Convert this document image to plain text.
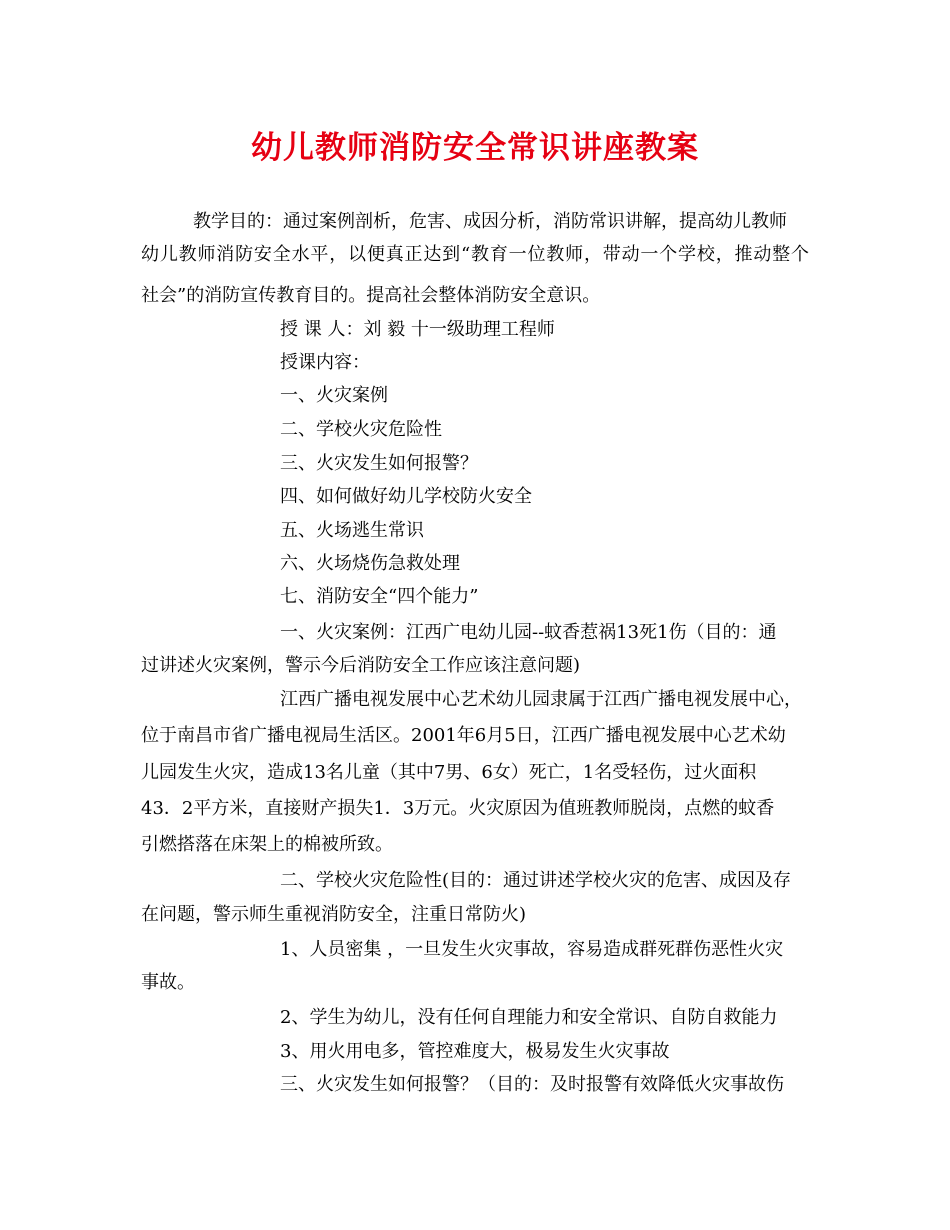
幼儿教师消防安全常识讲座教案
教学目的：通过案例剖析，危害、成因分析，消防常识讲解，提高幼儿教师
幼儿教师消防安全水平，以便真正达到“教育一位教师，带动一个学校，推动整个
社会”的消防宣传教育目的。提高社会整体消防安全意识。
授 课 人：刘 毅 十一级助理工程师
授课内容：
一、火灾案例
二、学校火灾危险性
三、火灾发生如何报警？
四、如何做好幼儿学校防火安全
五、火场逃生常识
六、火场烧伤急救处理
七、消防安全“四个能力”
一、火灾案例：江西广电幼儿园--蚊香惹祸13死1伤（目的：通
过讲述火灾案例，警示今后消防安全工作应该注意问题)
江西广播电视发展中心艺术幼儿园隶属于江西广播电视发展中心，
位于南昌市省广播电视局生活区。2001年6月5日，江西广播电视发展中心艺术幼
儿园发生火灾，造成13名儿童（其中7男、6女）死亡，1名受轻伤，过火面积
43．2平方米，直接财产损失1．3万元。火灾原因为值班教师脱岗，点燃的蚊香
引燃搭落在床架上的棉被所致。
二、学校火灾危险性(目的：通过讲述学校火灾的危害、成因及存
在问题，警示师生重视消防安全，注重日常防火)
1、人员密集 ，一旦发生火灾事故，容易造成群死群伤恶性火灾
事故。
2、学生为幼儿，没有任何自理能力和安全常识、自防自救能力
3、用火用电多，管控难度大，极易发生火灾事故
三、火灾发生如何报警？（目的：及时报警有效降低火灾事故伤
